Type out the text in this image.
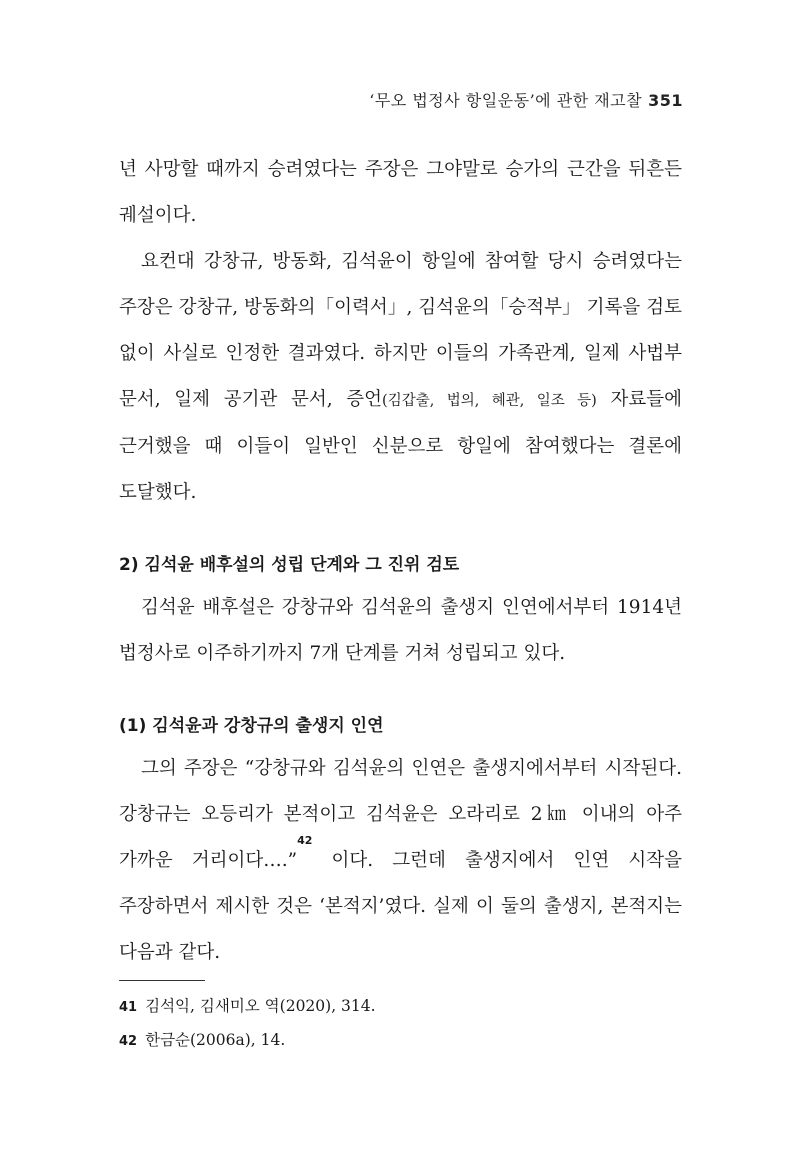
‘무오 법정사 항일운동’에 관한 재고찰 351

년 사망할 때까지 승려였다는 주장은 그야말로 승가의 근간을 뒤흔든 궤설이다.

요컨대 강창규, 방동화, 김석윤이 항일에 참여할 당시 승려였다는 주장은 강창규, 방동화의「이력서」, 김석윤의「승적부」 기록을 검토 없이 사실로 인정한 결과였다. 하지만 이들의 가족관계, 일제 사법부 문서, 일제 공기관 문서, 증언(김갑출, 법의, 혜관, 일조 등) 자료들에 근거했을 때 이들이 일반인 신분으로 항일에 참여했다는 결론에 도달했다.

2) 김석윤 배후설의 성립 단계와 그 진위 검토

김석윤 배후설은 강창규와 김석윤의 출생지 인연에서부터 1914년 법정사로 이주하기까지 7개 단계를 거쳐 성립되고 있다.

(1) 김석윤과 강창규의 출생지 인연

그의 주장은 “강창규와 김석윤의 인연은 출생지에서부터 시작된다. 강창규는 오등리가 본적이고 김석윤은 오라리로 2㎞ 이내의 아주 가까운 거리이다….”$^{42}$ 이다. 그런데 출생지에서 인연 시작을 주장하면서 제시한 것은 ‘본적지’였다. 실제 이 둘의 출생지, 본적지는 다음과 같다.

41 김석익, 김새미오 역(2020), 314.
42 한금순(2006a), 14.
